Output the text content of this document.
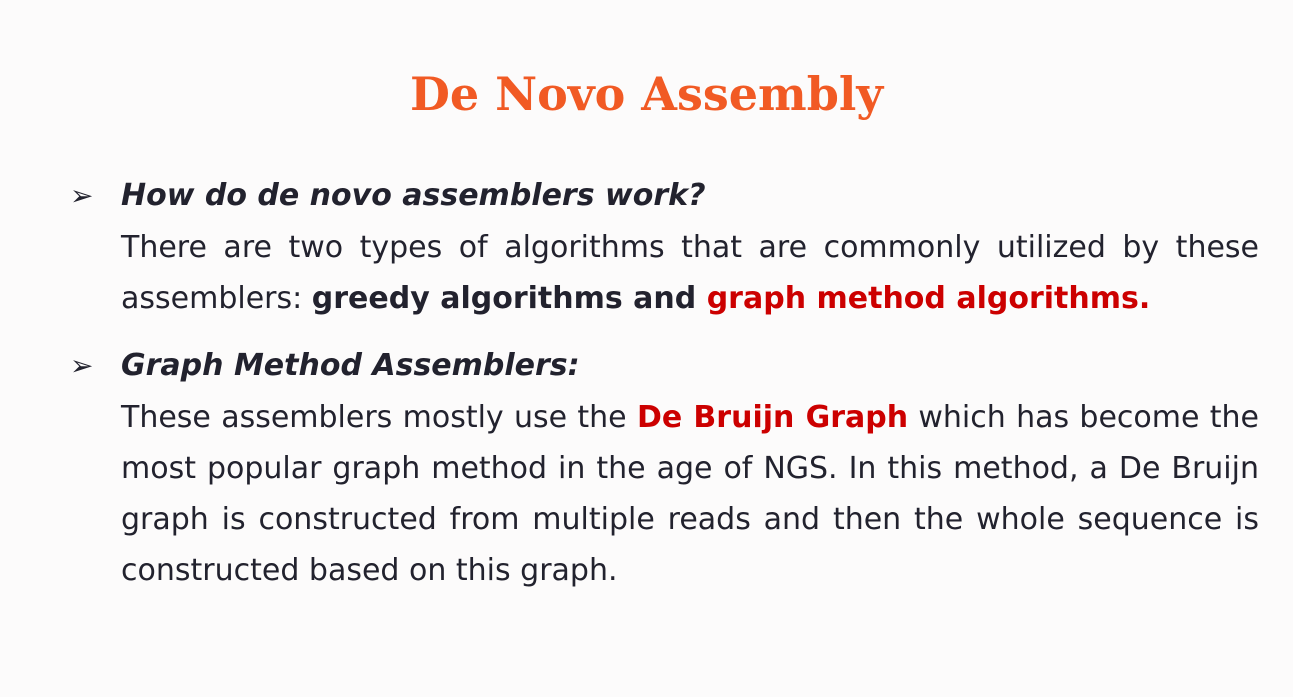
De Novo Assembly
➢ How do de novo assemblers work?

There are two types of algorithms that are commonly utilized by these assemblers: greedy algorithms and graph method algorithms.

➢ Graph Method Assemblers:

These assemblers mostly use the De Bruijn Graph which has become the most popular graph method in the age of NGS. In this method, a De Bruijn graph is constructed from multiple reads and then the whole sequence is constructed based on this graph.
